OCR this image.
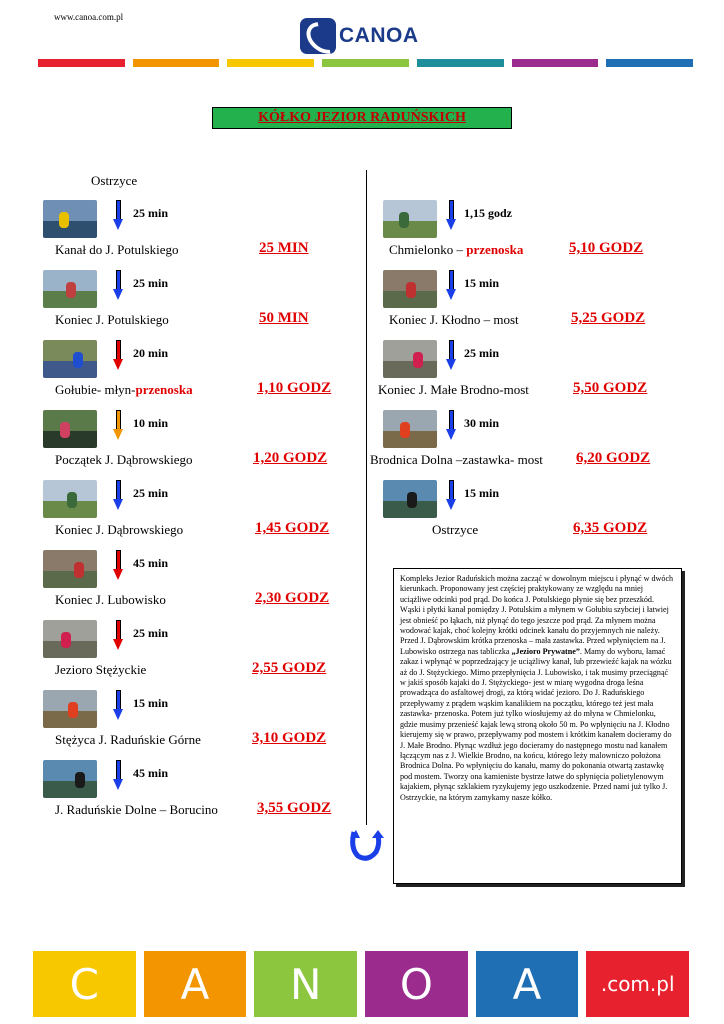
www.canoa.com.pl
CANOA
KÓŁKO JEZIOR RADUŃSKICH
Ostrzyce
25 min
Kanał do J. Potulskiego	25 MIN
25 min
Koniec J. Potulskiego	50 MIN
20 min
Gołubie- młyn-przenoska	1,10 GODZ
10 min
Początek J. Dąbrowskiego	1,20 GODZ
25 min
Koniec J. Dąbrowskiego	1,45 GODZ
45 min
Koniec J. Lubowisko	2,30 GODZ
25 min
Jezioro Stężyckie	2,55 GODZ
15 min
Stężyca J. Raduńskie Górne	3,10 GODZ
45 min
J. Raduńskie Dolne – Borucino	3,55 GODZ
1,15 godz
Chmielonko – przenoska	5,10 GODZ
15 min
Koniec J. Kłodno – most	5,25 GODZ
25 min
Koniec J. Małe Brodno-most	5,50 GODZ
30 min
Brodnica Dolna –zastawka- most 6,20 GODZ
15 min
Ostrzyce	6,35 GODZ
Kompleks Jezior Raduńskich można zacząć w dowolnym miejscu i płynąć w dwóch kierunkach. Proponowany jest częściej praktykowany ze względu na mniej uciążliwe odcinki pod prąd. Do końca J. Potulskiego płynie się bez przeszkód. Wąski i płytki kanał pomiędzy J. Potulskim a młynem w Gołubiu szybciej i łatwiej jest obnieść po łąkach, niż płynąć do tego jeszcze pod prąd. Za młynem można wodować kajak, choć kolejny krótki odcinek kanału do przyjemnych nie należy. Przed J. Dąbrowskim krótka przenoska – mała zastawka. Przed wpłynięciem na J. Lubowisko ostrzega nas tabliczka „Jezioro Prywatne”. Mamy do wyboru, łamać zakaz i wpłynąć w poprzedzający je uciążliwy kanał, lub przewieźć kajak na wózku aż do J. Stężyckiego. Mimo przepłynięcia J. Lubowisko, i tak musimy przeciągnąć w jakiś sposób kajaki do J. Stężyckiego- jest w miarę wygodna droga leśna prowadząca do asfaltowej drogi, za którą widać jezioro. Do J. Raduńskiego przepływamy z prądem wąskim kanalikiem na początku, którego też jest mała zastawka- przenoska. Potem już tylko wiosłujemy aż do młyna w Chmielonku, gdzie musimy przenieść kajak lewą stroną około 50 m. Po wpłynięciu na J. Kłodno kierujemy się w prawo, przepływamy pod mostem i krótkim kanałem docieramy do J. Małe Brodno. Płynąc wzdłuż jego docieramy do następnego mostu nad kanałem łączącym nas z J. Wielkie Brodno, na końcu, którego leży malowniczo położona Brodnica Dolna. Po wpłynięciu do kanału, mamy do pokonania otwartą zastawkę pod mostem. Tworzy ona kamieniste bystrze łatwe do spłynięcia polietylenowym kajakiem, płynąc szklakiem ryzykujemy jego uszkodzenie. Przed nami już tylko J. Ostrzyckie, na którym zamykamy nasze kółko.
C	A	N	O	A	.com.pl
